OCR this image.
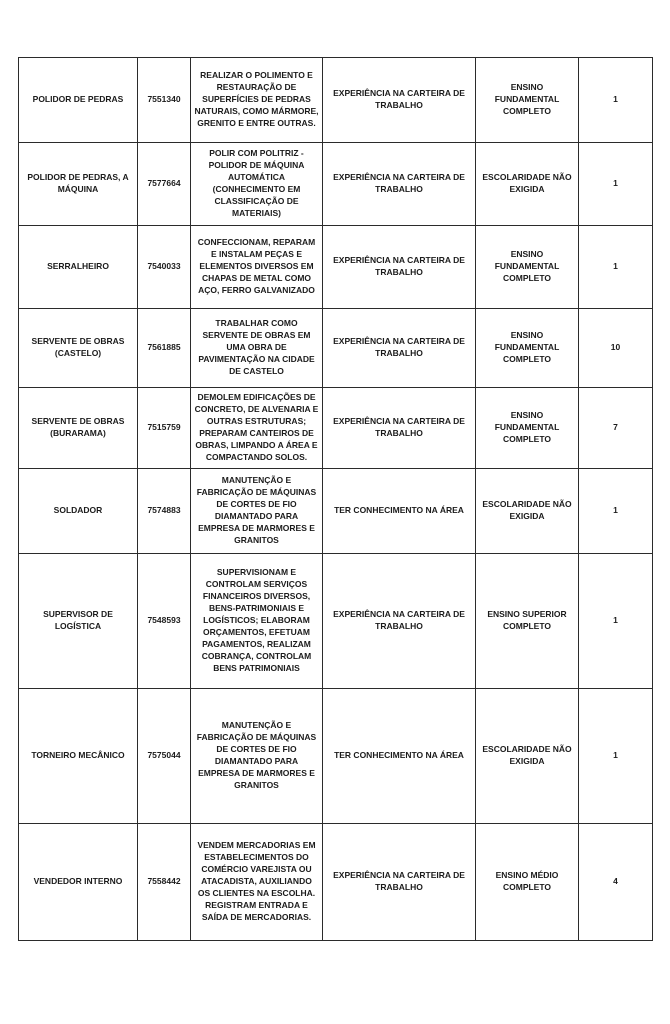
POLIDOR DE PEDRAS	7551340	REALIZAR O POLIMENTO E RESTAURAÇÃO DE SUPERFÍCIES DE PEDRAS NATURAIS, COMO MÁRMORE, GRENITO E ENTRE OUTRAS.	EXPERIÊNCIA NA CARTEIRA DE TRABALHO	ENSINO FUNDAMENTAL COMPLETO	1
POLIDOR DE PEDRAS, A MÁQUINA	7577664	POLIR COM POLITRIZ - POLIDOR DE MÁQUINA AUTOMÁTICA (CONHECIMENTO EM CLASSIFICAÇÃO DE MATERIAIS)	EXPERIÊNCIA NA CARTEIRA DE TRABALHO	ESCOLARIDADE NÃO EXIGIDA	1
SERRALHEIRO	7540033	CONFECCIONAM, REPARAM E INSTALAM PEÇAS E ELEMENTOS DIVERSOS EM CHAPAS DE METAL COMO AÇO, FERRO GALVANIZADO	EXPERIÊNCIA NA CARTEIRA DE TRABALHO	ENSINO FUNDAMENTAL COMPLETO	1
SERVENTE DE OBRAS (CASTELO)	7561885	TRABALHAR COMO SERVENTE DE OBRAS EM UMA OBRA DE PAVIMENTAÇÃO NA CIDADE DE CASTELO	EXPERIÊNCIA NA CARTEIRA DE TRABALHO	ENSINO FUNDAMENTAL COMPLETO	10
SERVENTE DE OBRAS (BURARAMA)	7515759	DEMOLEM EDIFICAÇÕES DE CONCRETO, DE ALVENARIA E OUTRAS ESTRUTURAS; PREPARAM CANTEIROS DE OBRAS, LIMPANDO A ÁREA E COMPACTANDO SOLOS.	EXPERIÊNCIA NA CARTEIRA DE TRABALHO	ENSINO FUNDAMENTAL COMPLETO	7
SOLDADOR	7574883	MANUTENÇÃO E FABRICAÇÃO DE MÁQUINAS DE CORTES DE FIO DIAMANTADO PARA EMPRESA DE MARMORES E GRANITOS	TER CONHECIMENTO NA ÁREA	ESCOLARIDADE NÃO EXIGIDA	1
SUPERVISOR DE LOGÍSTICA	7548593	SUPERVISIONAM E CONTROLAM SERVIÇOS FINANCEIROS DIVERSOS, BENS-PATRIMONIAIS E LOGÍSTICOS; ELABORAM ORÇAMENTOS, EFETUAM PAGAMENTOS, REALIZAM COBRANÇA, CONTROLAM BENS PATRIMONIAIS	EXPERIÊNCIA NA CARTEIRA DE TRABALHO	ENSINO SUPERIOR COMPLETO	1
TORNEIRO MECÂNICO	7575044	MANUTENÇÃO E FABRICAÇÃO DE MÁQUINAS DE CORTES DE FIO DIAMANTADO PARA EMPRESA DE MARMORES E GRANITOS	TER CONHECIMENTO NA ÁREA	ESCOLARIDADE NÃO EXIGIDA	1
VENDEDOR INTERNO	7558442	VENDEM MERCADORIAS EM ESTABELECIMENTOS DO COMÉRCIO VAREJISTA OU ATACADISTA, AUXILIANDO OS CLIENTES NA ESCOLHA. REGISTRAM ENTRADA E SAÍDA DE MERCADORIAS.	EXPERIÊNCIA NA CARTEIRA DE TRABALHO	ENSINO MÉDIO COMPLETO	4
